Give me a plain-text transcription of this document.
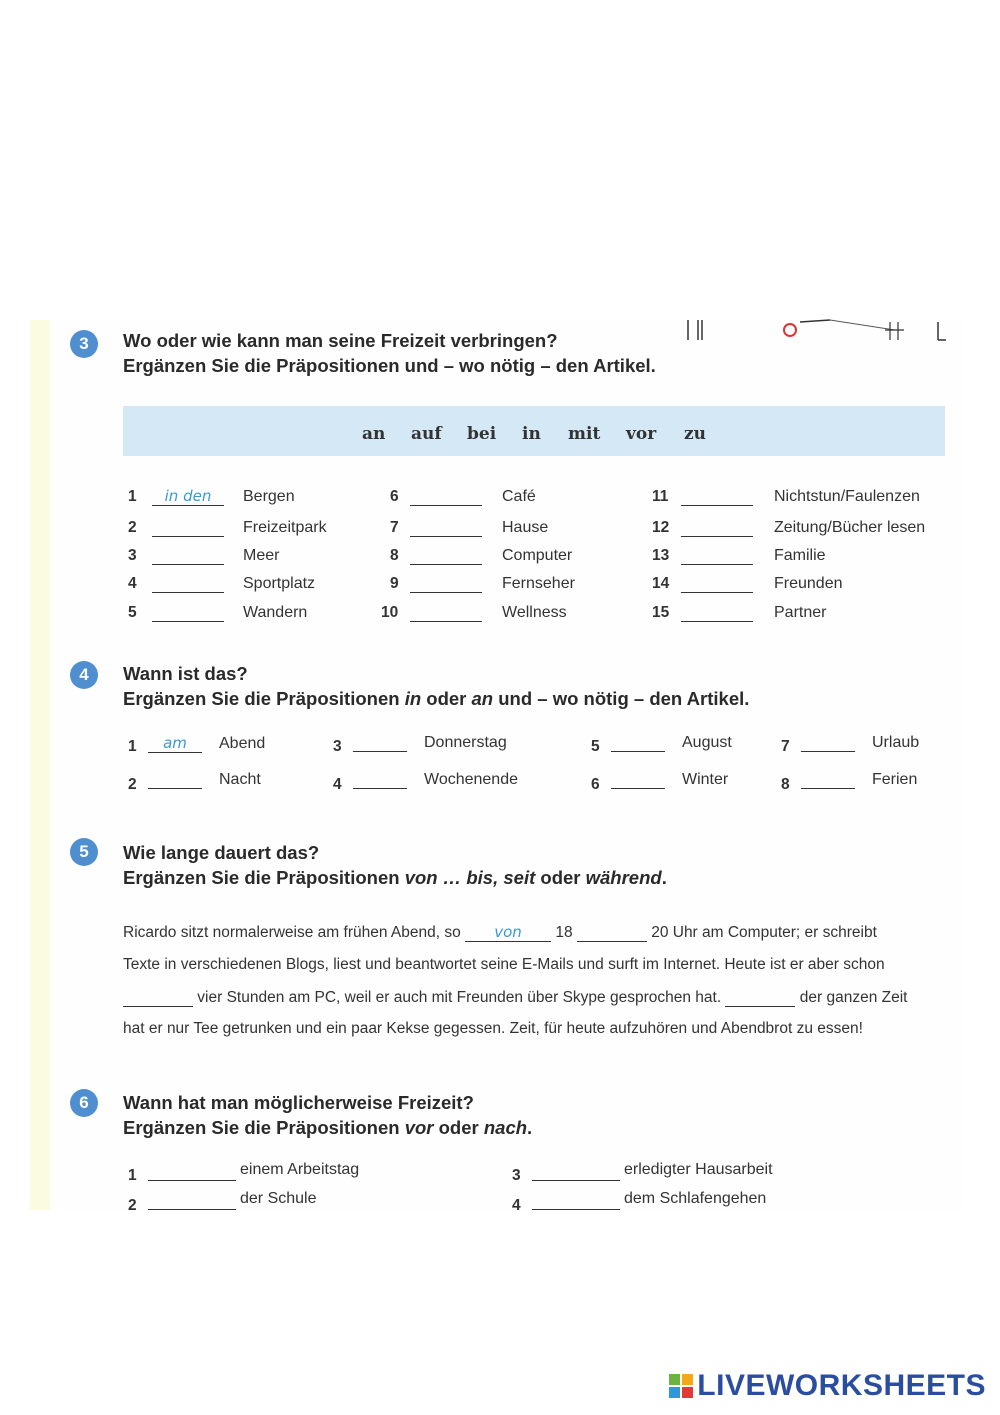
3	Wo oder wie kann man seine Freizeit verbringen?
Ergänzen Sie die Präpositionen und – wo nötig – den Artikel.
an auf bei in mit vor zu
1	in den	Bergen
2	Freizeitpark
3	Meer
4	Sportplatz
5	Wandern
6	Café
7	Hause
8	Computer
9	Fernseher
10	Wellness
11	Nichtstun/Faulenzen
12	Zeitung/Bücher lesen
13	Familie
14	Freunden
15	Partner
4	Wann ist das?
Ergänzen Sie die Präpositionen in oder an und – wo nötig – den Artikel.
1	am	Abend
2	Nacht
3	Donnerstag
4	Wochenende
5	August
6	Winter
7	Urlaub
8	Ferien
5	Wie lange dauert das?
Ergänzen Sie die Präpositionen von … bis, seit oder während.
Ricardo sitzt normalerweise am frühen Abend, so von 18	20 Uhr am Computer; er schreibt
Texte in verschiedenen Blogs, liest und beantwortet seine E-Mails und surft im Internet. Heute ist er aber schon
vier Stunden am PC, weil er auch mit Freunden über Skype gesprochen hat.	der ganzen Zeit
hat er nur Tee getrunken und ein paar Kekse gegessen. Zeit, für heute aufzuhören und Abendbrot zu essen!
6	Wann hat man möglicherweise Freizeit?
Ergänzen Sie die Präpositionen vor oder nach.
1	einem Arbeitstag
2	der Schule
3	erledigter Hausarbeit
4	dem Schlafengehen
LIVEWORKSHEETS
